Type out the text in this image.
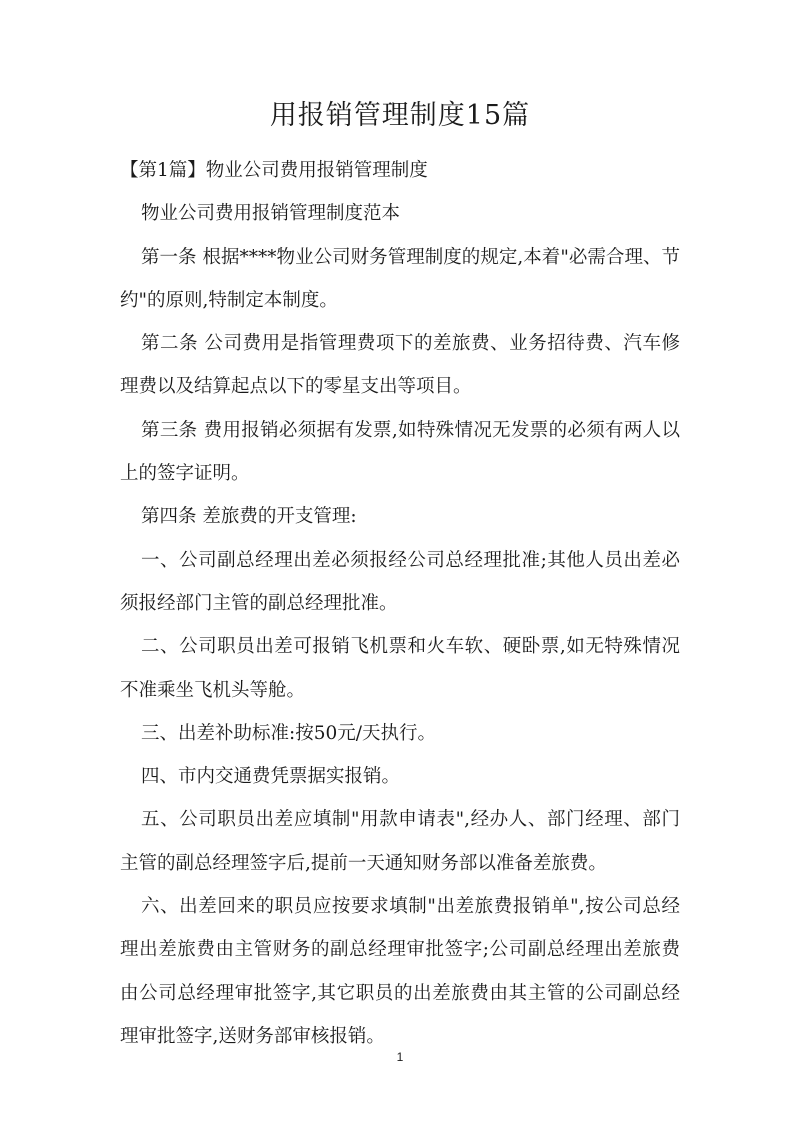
用报销管理制度15篇

【第1篇】物业公司费用报销管理制度

物业公司费用报销管理制度范本

第一条 根据****物业公司财务管理制度的规定,本着"必需合理、节约"的原则,特制定本制度。

第二条 公司费用是指管理费项下的差旅费、业务招待费、汽车修理费以及结算起点以下的零星支出等项目。

第三条 费用报销必须据有发票,如特殊情况无发票的必须有两人以上的签字证明。

第四条 差旅费的开支管理:

一、公司副总经理出差必须报经公司总经理批准;其他人员出差必须报经部门主管的副总经理批准。

二、公司职员出差可报销飞机票和火车软、硬卧票,如无特殊情况不准乘坐飞机头等舱。

三、出差补助标准:按50元/天执行。

四、市内交通费凭票据实报销。

五、公司职员出差应填制"用款申请表",经办人、部门经理、部门主管的副总经理签字后,提前一天通知财务部以准备差旅费。

六、出差回来的职员应按要求填制"出差旅费报销单",按公司总经理出差旅费由主管财务的副总经理审批签字;公司副总经理出差旅费由公司总经理审批签字,其它职员的出差旅费由其主管的公司副总经理审批签字,送财务部审核报销。

1
